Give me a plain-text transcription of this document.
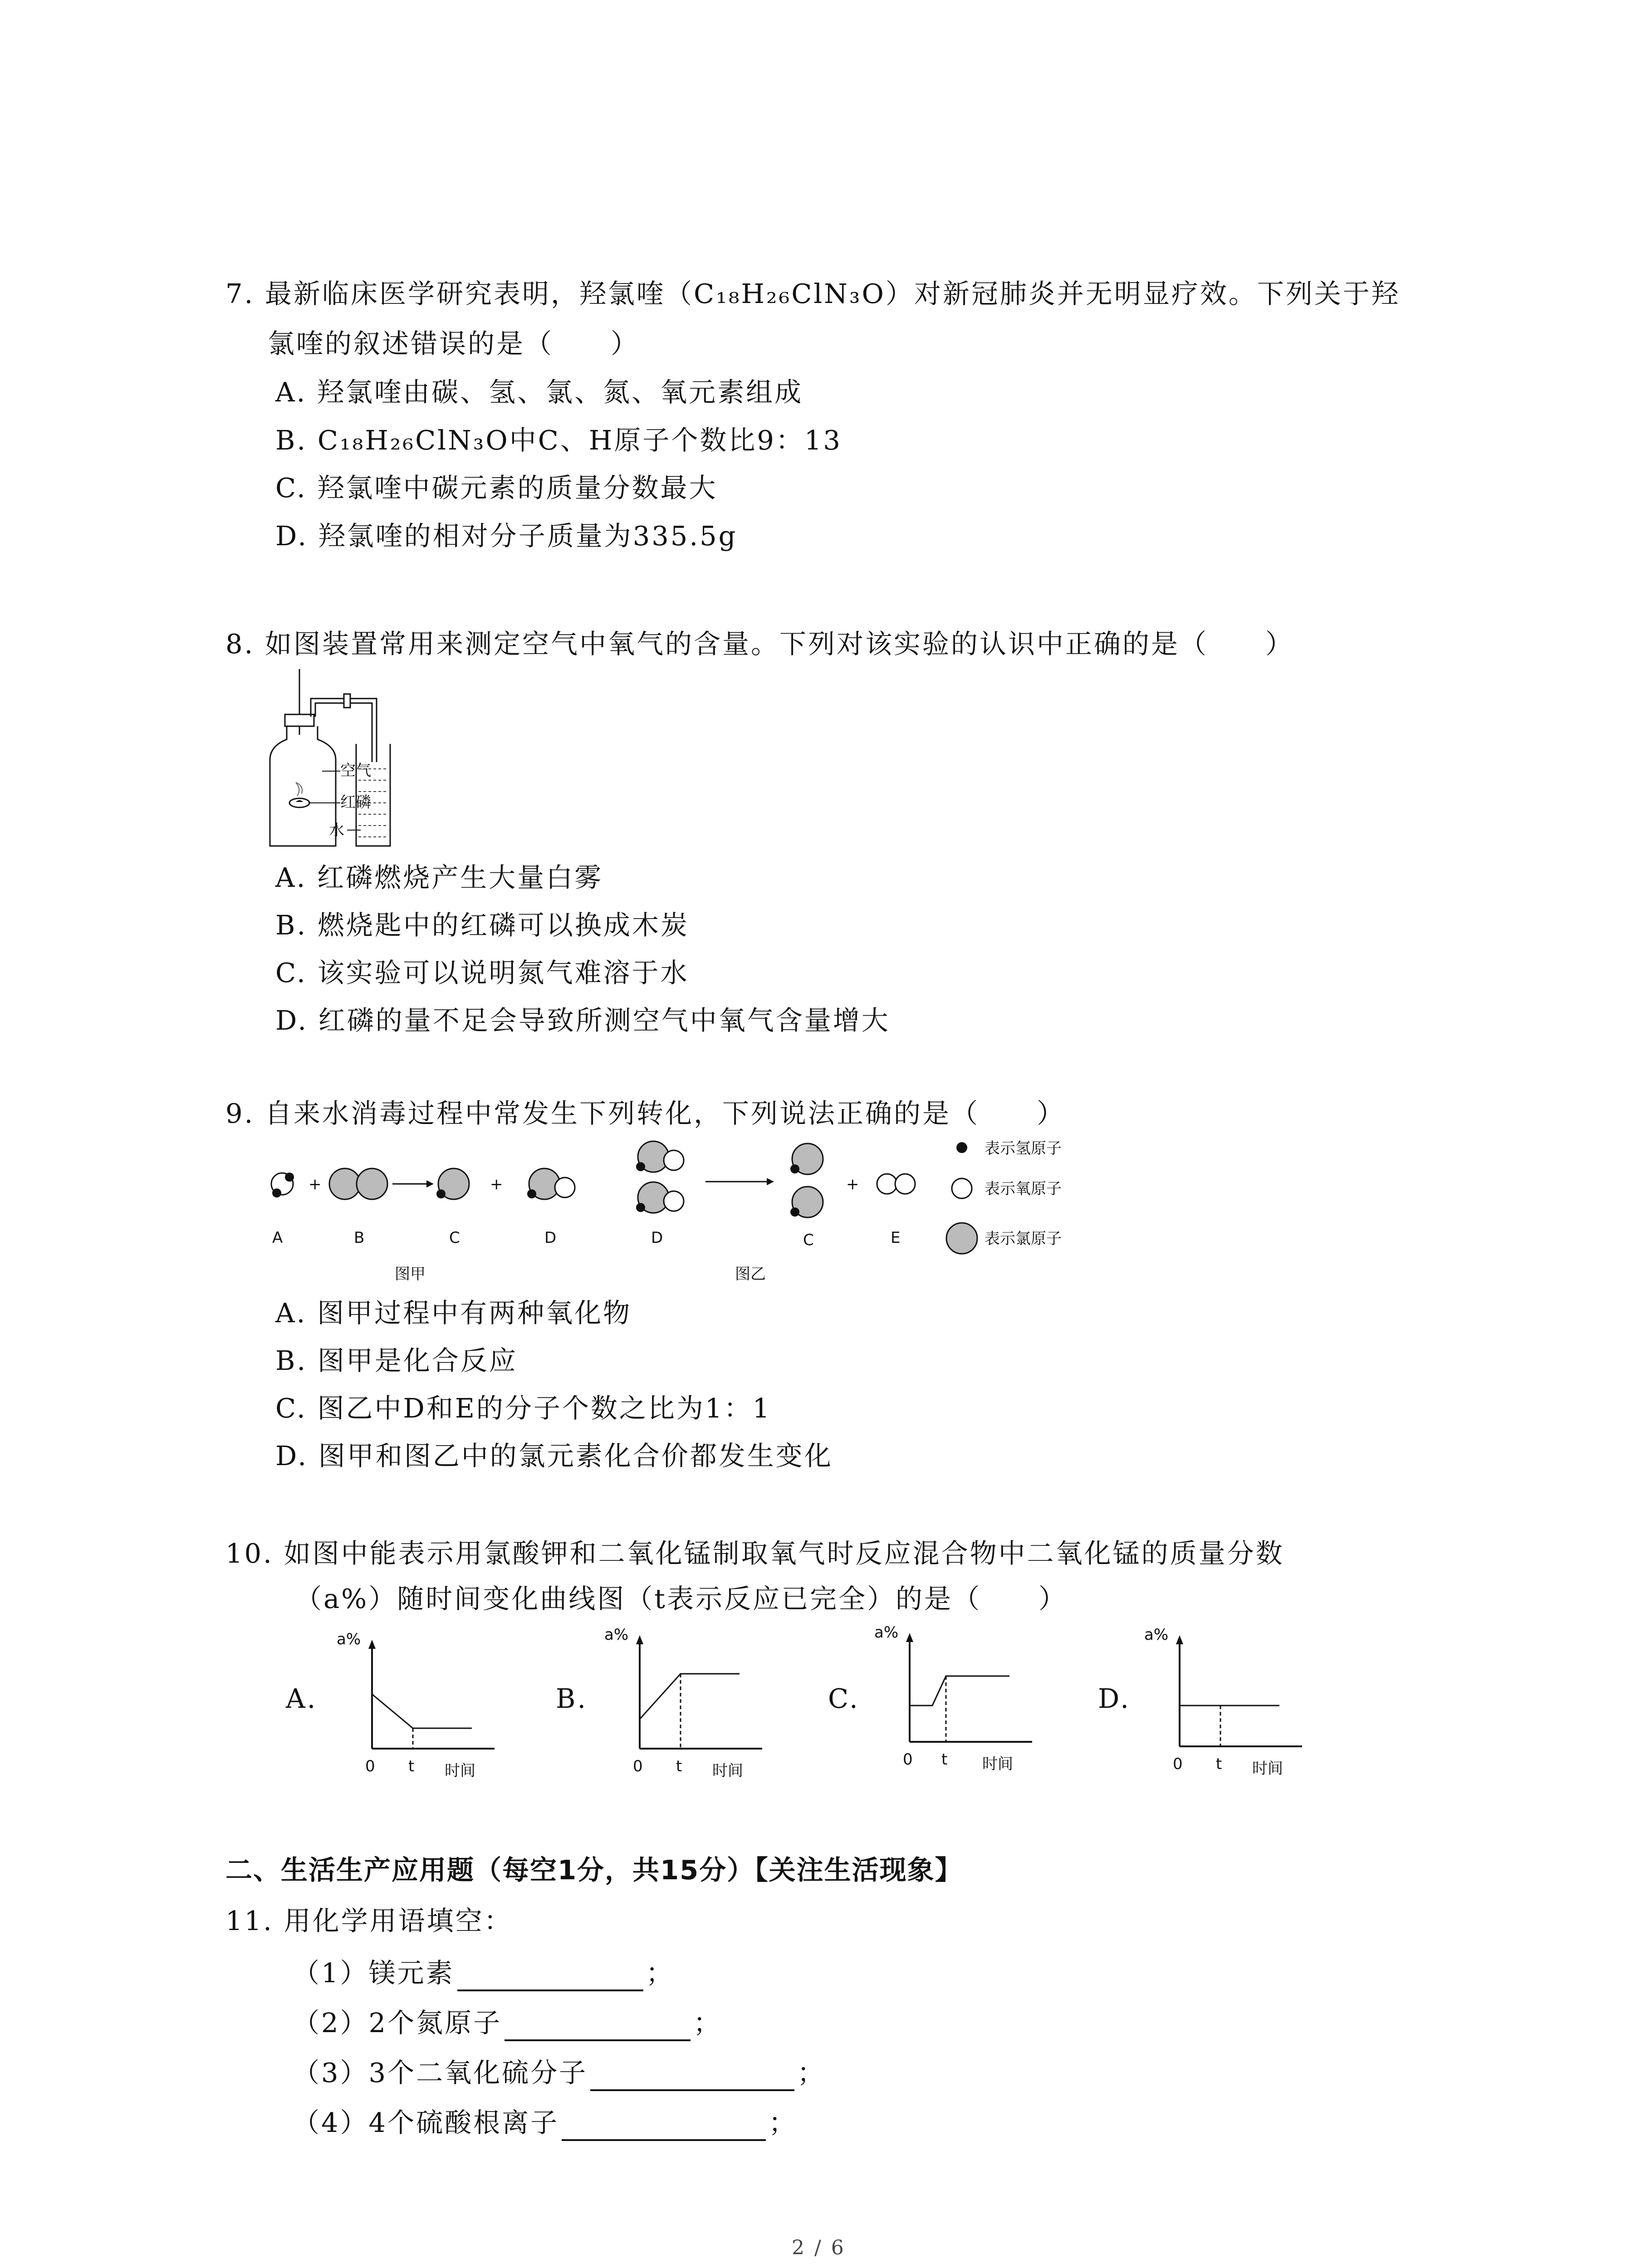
7. 最新临床医学研究表明，羟氯喹（C₁₈H₂₆ClN₃O）对新冠肺炎并无明显疗效。下列关于羟
氯喹的叙述错误的是（　　）
A. 羟氯喹由碳、氢、氯、氮、氧元素组成
B. C₁₈H₂₆ClN₃O中C、H原子个数比9：13
C. 羟氯喹中碳元素的质量分数最大
D. 羟氯喹的相对分子质量为335.5g
8. 如图装置常用来测定空气中氧气的含量。下列对该实验的认识中正确的是（　　）
空气
红磷
水
A. 红磷燃烧产生大量白雾
B. 燃烧匙中的红磷可以换成木炭
C. 该实验可以说明氮气难溶于水
D. 红磷的量不足会导致所测空气中氧气含量增大
9. 自来水消毒过程中常发生下列转化，下列说法正确的是（　　）
+	+
A	B	C	D
图甲
+
D	C	E
图乙
表示氢原子
表示氧原子
表示氯原子
A. 图甲过程中有两种氧化物
B. 图甲是化合反应
C. 图乙中D和E的分子个数之比为1：1
D. 图甲和图乙中的氯元素化合价都发生变化
10. 如图中能表示用氯酸钾和二氧化锰制取氧气时反应混合物中二氧化锰的质量分数
（a%）随时间变化曲线图（t表示反应已完全）的是（　　）
A.
a%
0 t 时间
B.
a%
0 t 时间
C.
a%
0 t 时间
D.
a%
0 t 时间
二、生活生产应用题（每空1分，共15分）【关注生活现象】
11. 用化学用语填空：
（1）镁元素	；
（2）2个氮原子	；
（3）3个二氧化硫分子	；
（4）4个硫酸根离子	；
2 / 6
